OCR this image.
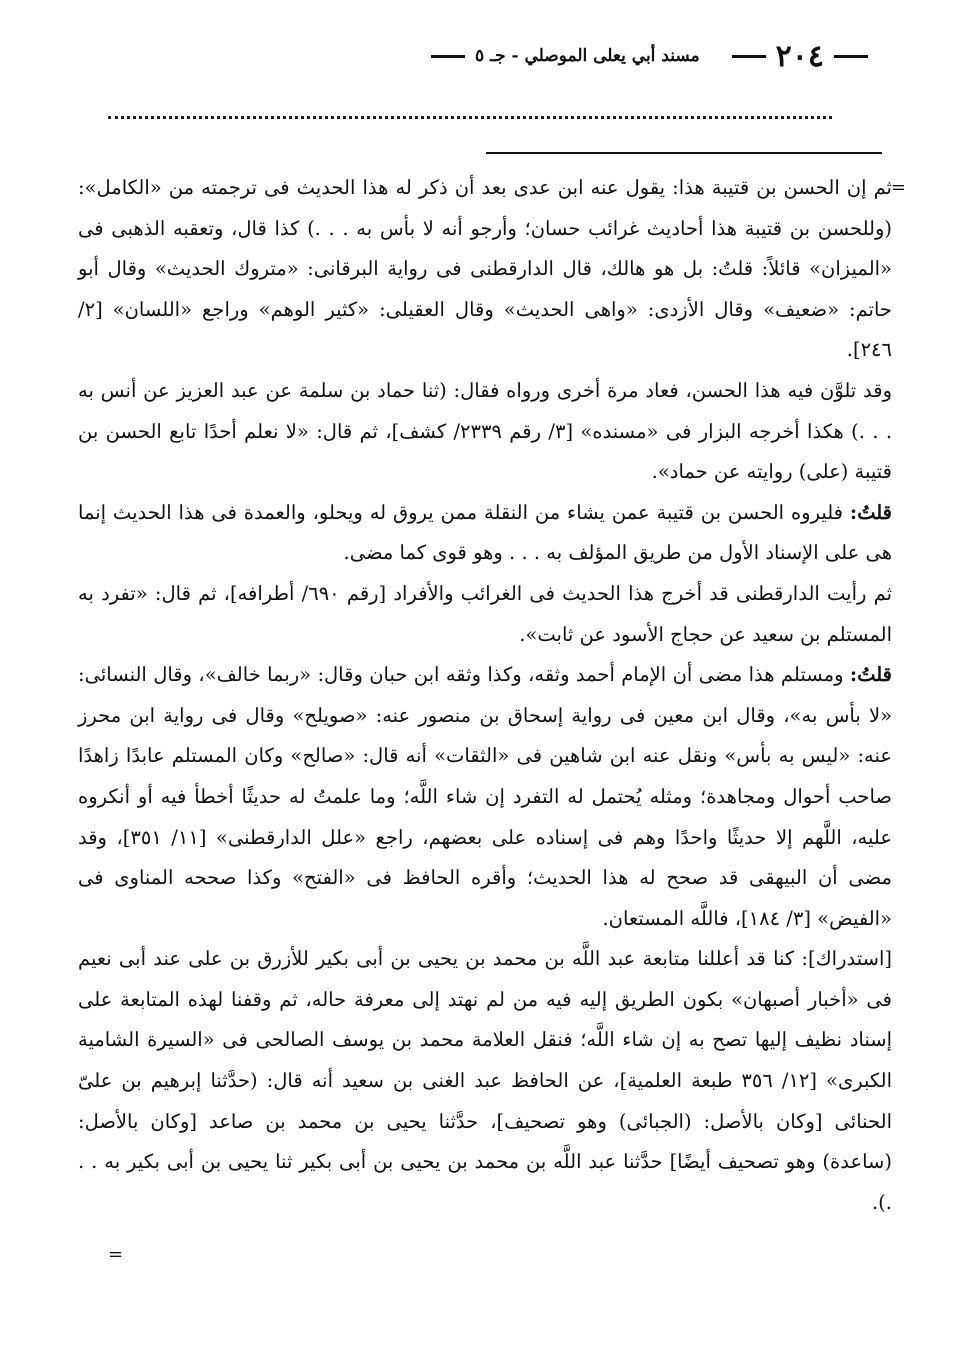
٢٠٤
مسند أبي يعلى الموصلي - جـ ٥

=
ثم إن الحسن بن قتيبة هذا: يقول عنه ابن عدى بعد أن ذكر له هذا الحديث فى ترجمته من «الكامل»: (وللحسن بن قتيبة هذا أحاديث غرائب حسان؛ وأرجو أنه لا بأس به . . .) كذا قال، وتعقبه الذهبى فى «الميزان» قائلاً: قلتُ: بل هو هالك، قال الدارقطنى فى رواية البرقانى: «متروك الحديث» وقال أبو حاتم: «ضعيف» وقال الأزدى: «واهى الحديث» وقال العقيلى: «كثير الوهم» وراجع «اللسان» [٢/ ٢٤٦].

وقد تلوَّن فيه هذا الحسن، فعاد مرة أخرى ورواه فقال: (ثنا حماد بن سلمة عن عبد العزيز عن أنس به . . .) هكذا أخرجه البزار فى «مسنده» [٣/ رقم ٢٣٣٩/ كشف]، ثم قال: «لا نعلم أحدًا تابع الحسن بن قتيبة (على) روايته عن حماد».

قلتُ: فليروه الحسن بن قتيبة عمن يشاء من النقلة ممن يروق له ويحلو، والعمدة فى هذا الحديث إنما هى على الإسناد الأول من طريق المؤلف به . . . وهو قوى كما مضى.

ثم رأيت الدارقطنى قد أخرج هذا الحديث فى الغرائب والأفراد [رقم ٦٩٠/ أطرافه]، ثم قال: «تفرد به المستلم بن سعيد عن حجاج الأسود عن ثابت».

قلتُ: ومستلم هذا مضى أن الإمام أحمد وثقه، وكذا وثقه ابن حبان وقال: «ربما خالف»، وقال النسائى: «لا بأس به»، وقال ابن معين فى رواية إسحاق بن منصور عنه: «صويلح» وقال فى رواية ابن محرز عنه: «ليس به بأس» ونقل عنه ابن شاهين فى «الثقات» أنه قال: «صالح» وكان المستلم عابدًا زاهدًا صاحب أحوال ومجاهدة؛ ومثله يُحتمل له التفرد إن شاء اللَّه؛ وما علمتُ له حديثًا أخطأ فيه أو أنكروه عليه، اللَّهم إلا حديثًا واحدًا وهم فى إسناده على بعضهم، راجع «علل الدارقطنى» [١١/ ٣٥١]، وقد مضى أن البيهقى قد صحح له هذا الحديث؛ وأقره الحافظ فى «الفتح» وكذا صححه المناوى فى «الفيض» [٣/ ١٨٤]، فاللَّه المستعان.

[استدراك]: كنا قد أعللنا متابعة عبد اللَّه بن محمد بن يحيى بن أبى بكير للأزرق بن على عند أبى نعيم فى «أخبار أصبهان» بكون الطريق إليه فيه من لم نهتد إلى معرفة حاله، ثم وقفنا لهذه المتابعة على إسناد نظيف إليها تصح به إن شاء اللَّه؛ فنقل العلامة محمد بن يوسف الصالحى فى «السيرة الشامية الكبرى» [١٢/ ٣٥٦ طبعة العلمية]، عن الحافظ عبد الغنى بن سعيد أنه قال: (حدَّثنا إبرهيم بن علىّ الحنائى [وكان بالأصل: (الجبائى) وهو تصحيف]، حدَّثنا يحيى بن محمد بن صاعد [وكان بالأصل: (ساعدة) وهو تصحيف أيضًا] حدَّثنا عبد اللَّه بن محمد بن يحيى بن أبى بكير ثنا يحيى بن أبى بكير به . . .).

=
